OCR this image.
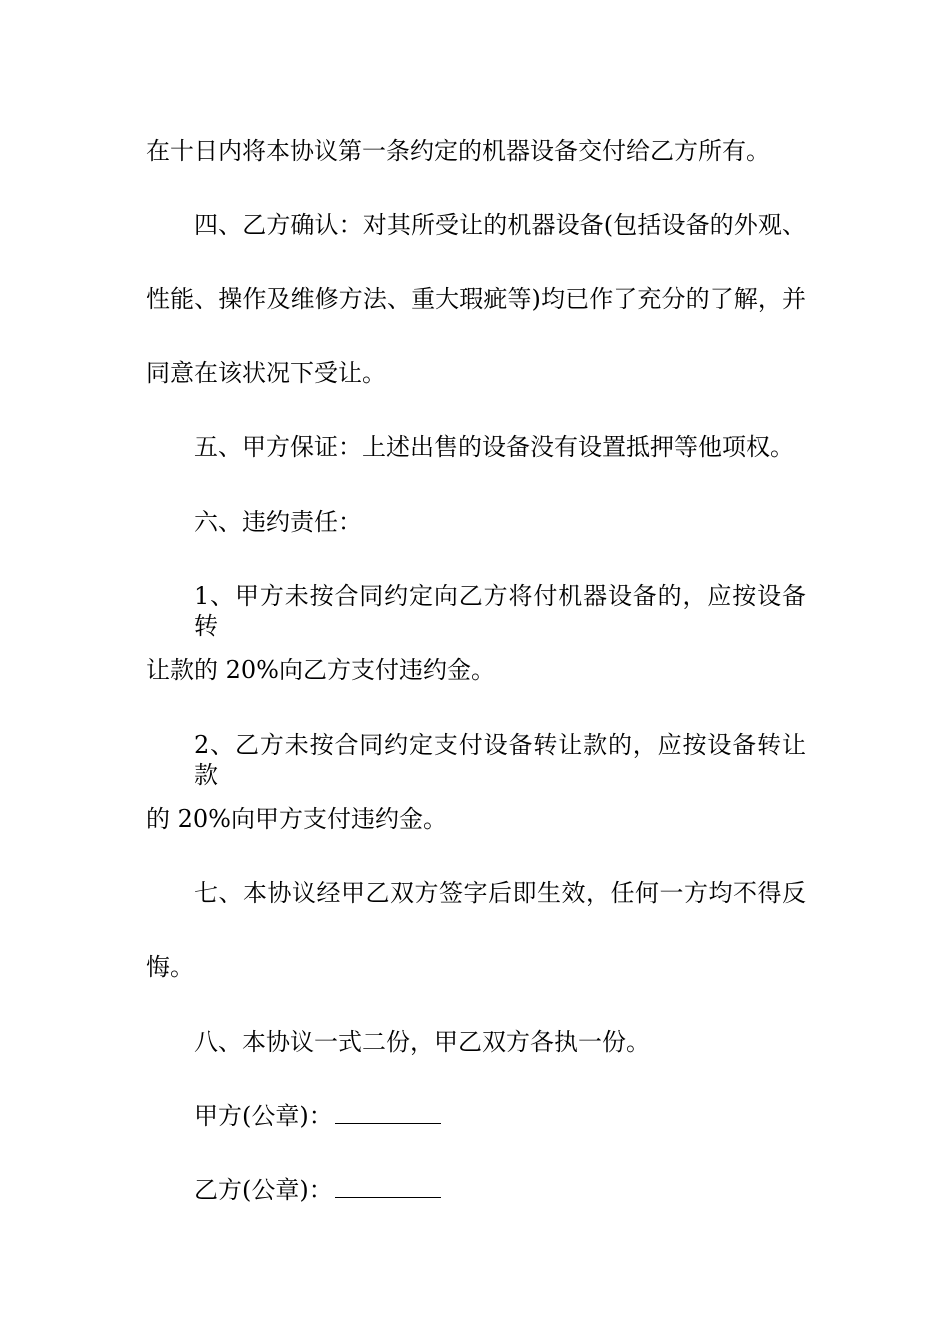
在十日内将本协议第一条约定的机器设备交付给乙方所有。
四、乙方确认：对其所受让的机器设备(包括设备的外观、
性能、操作及维修方法、重大瑕疵等)均已作了充分的了解，并
同意在该状况下受让。
五、甲方保证：上述出售的设备没有设置抵押等他项权。
六、违约责任：
1、甲方未按合同约定向乙方将付机器设备的，应按设备转
让款的 20%向乙方支付违约金。
2、乙方未按合同约定支付设备转让款的，应按设备转让款
的 20%向甲方支付违约金。
七、本协议经甲乙双方签字后即生效，任何一方均不得反
悔。
八、本协议一式二份，甲乙双方各执一份。
甲方(公章)：
乙方(公章)：
